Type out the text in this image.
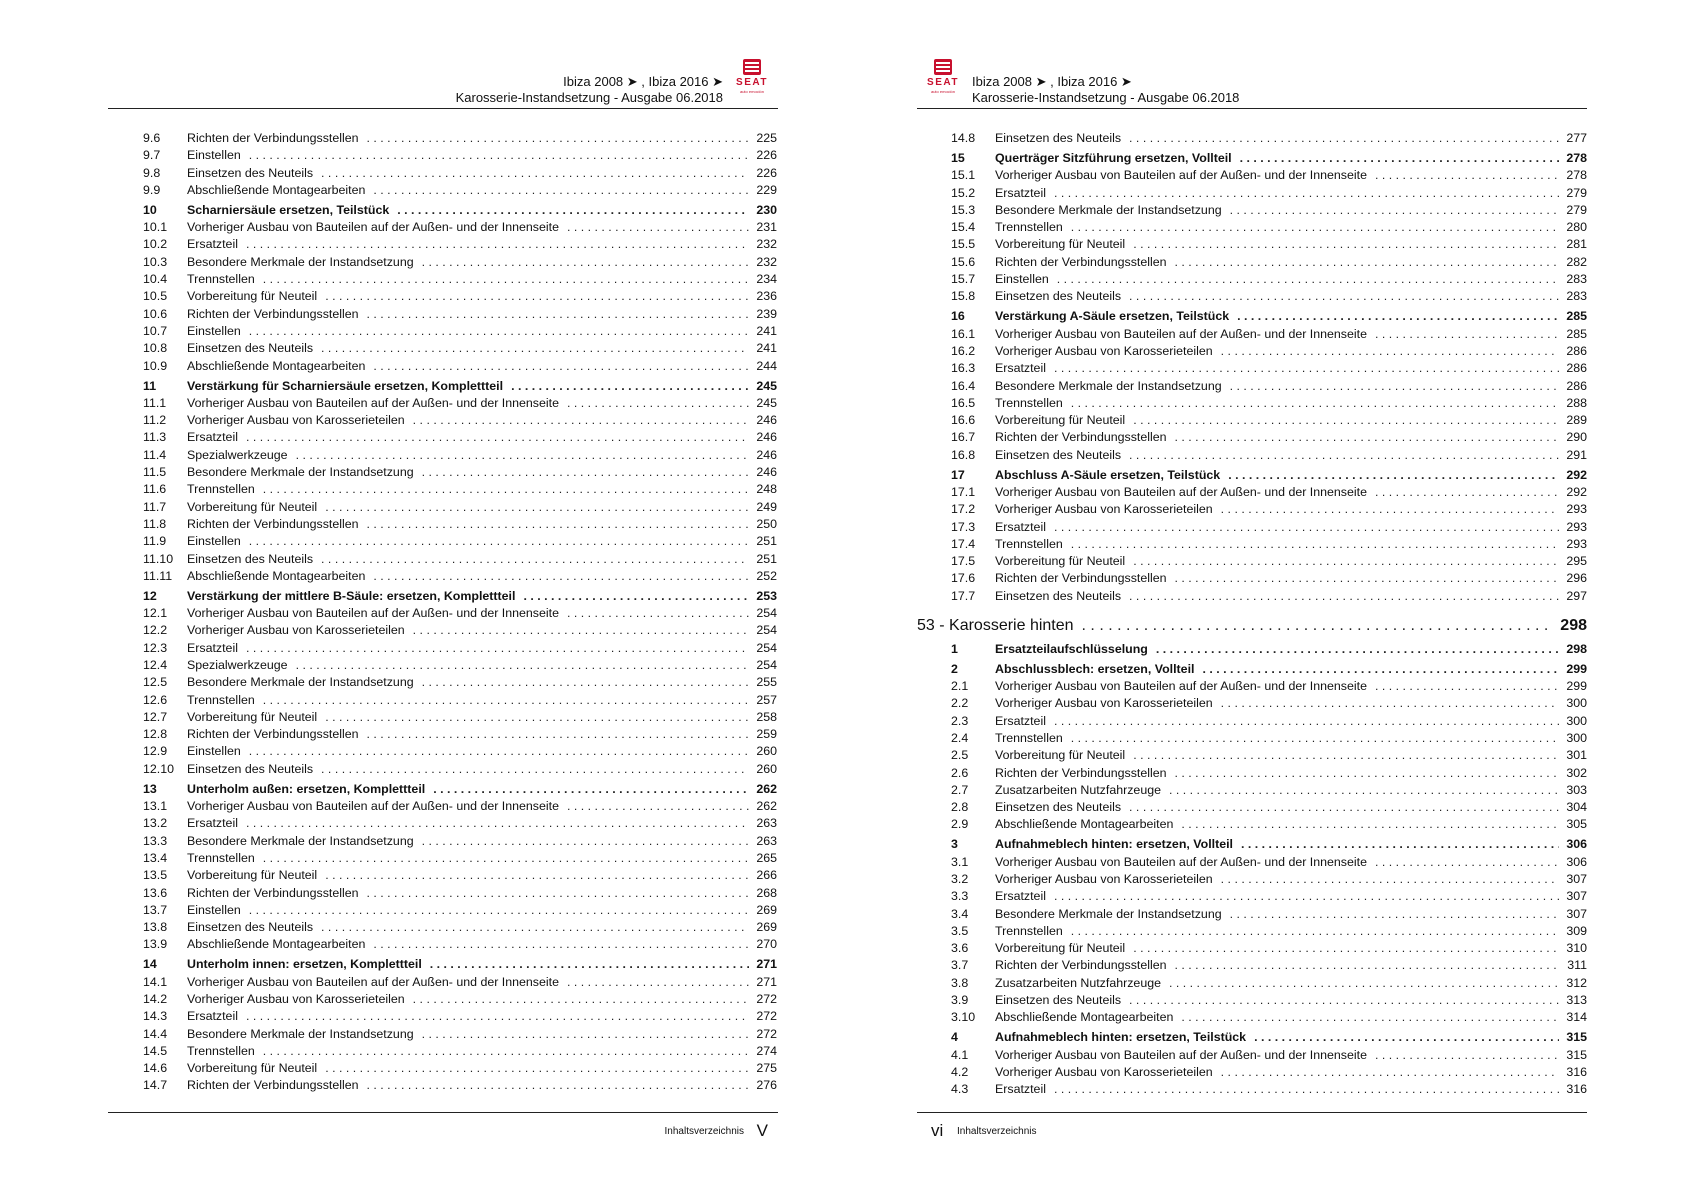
Ibiza 2008 ➤ , Ibiza 2016 ➤
Karosserie-Instandsetzung - Ausgabe 06.2018
SEAT
auto emoción
9.6	Richten der Verbindungsstellen . . .	225
9.7	Einstellen . . .	226
9.8	Einsetzen des Neuteils . . .	226
9.9	Abschließende Montagearbeiten . . .	229
10	Scharniersäule ersetzen, Teilstück . . .	230
10.1	Vorheriger Ausbau von Bauteilen auf der Außen- und der Innenseite . . .	231
10.2	Ersatzteil . . .	232
10.3	Besondere Merkmale der Instandsetzung . . .	232
10.4	Trennstellen . . .	234
10.5	Vorbereitung für Neuteil . . .	236
10.6	Richten der Verbindungsstellen . . .	239
10.7	Einstellen . . .	241
10.8	Einsetzen des Neuteils . . .	241
10.9	Abschließende Montagearbeiten . . .	244
11	Verstärkung für Scharniersäule ersetzen, Komplettteil . . .	245
11.1	Vorheriger Ausbau von Bauteilen auf der Außen- und der Innenseite . . .	245
11.2	Vorheriger Ausbau von Karosserieteilen . . .	246
11.3	Ersatzteil . . .	246
11.4	Spezialwerkzeuge . . .	246
11.5	Besondere Merkmale der Instandsetzung . . .	246
11.6	Trennstellen . . .	248
11.7	Vorbereitung für Neuteil . . .	249
11.8	Richten der Verbindungsstellen . . .	250
11.9	Einstellen . . .	251
11.10	Einsetzen des Neuteils . . .	251
11.11	Abschließende Montagearbeiten . . .	252
12	Verstärkung der mittlere B-Säule: ersetzen, Komplettteil . . .	253
12.1	Vorheriger Ausbau von Bauteilen auf der Außen- und der Innenseite . . .	254
12.2	Vorheriger Ausbau von Karosserieteilen . . .	254
12.3	Ersatzteil . . .	254
12.4	Spezialwerkzeuge . . .	254
12.5	Besondere Merkmale der Instandsetzung . . .	255
12.6	Trennstellen . . .	257
12.7	Vorbereitung für Neuteil . . .	258
12.8	Richten der Verbindungsstellen . . .	259
12.9	Einstellen . . .	260
12.10	Einsetzen des Neuteils . . .	260
13	Unterholm außen: ersetzen, Komplettteil . . .	262
13.1	Vorheriger Ausbau von Bauteilen auf der Außen- und der Innenseite . . .	262
13.2	Ersatzteil . . .	263
13.3	Besondere Merkmale der Instandsetzung . . .	263
13.4	Trennstellen . . .	265
13.5	Vorbereitung für Neuteil . . .	266
13.6	Richten der Verbindungsstellen . . .	268
13.7	Einstellen . . .	269
13.8	Einsetzen des Neuteils . . .	269
13.9	Abschließende Montagearbeiten . . .	270
14	Unterholm innen: ersetzen, Komplettteil . . .	271
14.1	Vorheriger Ausbau von Bauteilen auf der Außen- und der Innenseite . . .	271
14.2	Vorheriger Ausbau von Karosserieteilen . . .	272
14.3	Ersatzteil . . .	272
14.4	Besondere Merkmale der Instandsetzung . . .	272
14.5	Trennstellen . . .	274
14.6	Vorbereitung für Neuteil . . .	275
14.7	Richten der Verbindungsstellen . . .	276
Inhaltsverzeichnis V
SEAT
auto emoción
Ibiza 2008 ➤ , Ibiza 2016 ➤
Karosserie-Instandsetzung - Ausgabe 06.2018
14.8	Einsetzen des Neuteils . . .	277
15	Querträger Sitzführung ersetzen, Vollteil . . .	278
15.1	Vorheriger Ausbau von Bauteilen auf der Außen- und der Innenseite . . .	278
15.2	Ersatzteil . . .	279
15.3	Besondere Merkmale der Instandsetzung . . .	279
15.4	Trennstellen . . .	280
15.5	Vorbereitung für Neuteil . . .	281
15.6	Richten der Verbindungsstellen . . .	282
15.7	Einstellen . . .	283
15.8	Einsetzen des Neuteils . . .	283
16	Verstärkung A-Säule ersetzen, Teilstück . . .	285
16.1	Vorheriger Ausbau von Bauteilen auf der Außen- und der Innenseite . . .	285
16.2	Vorheriger Ausbau von Karosserieteilen . . .	286
16.3	Ersatzteil . . .	286
16.4	Besondere Merkmale der Instandsetzung . . .	286
16.5	Trennstellen . . .	288
16.6	Vorbereitung für Neuteil . . .	289
16.7	Richten der Verbindungsstellen . . .	290
16.8	Einsetzen des Neuteils . . .	291
17	Abschluss A-Säule ersetzen, Teilstück . . .	292
17.1	Vorheriger Ausbau von Bauteilen auf der Außen- und der Innenseite . . .	292
17.2	Vorheriger Ausbau von Karosserieteilen . . .	293
17.3	Ersatzteil . . .	293
17.4	Trennstellen . . .	293
17.5	Vorbereitung für Neuteil . . .	295
17.6	Richten der Verbindungsstellen . . .	296
17.7	Einsetzen des Neuteils . . .	297
53 - Karosserie hinten . . .	298
1	Ersatzteilaufschlüsselung . . .	298
2	Abschlussblech: ersetzen, Vollteil . . .	299
2.1	Vorheriger Ausbau von Bauteilen auf der Außen- und der Innenseite . . .	299
2.2	Vorheriger Ausbau von Karosserieteilen . . .	300
2.3	Ersatzteil . . .	300
2.4	Trennstellen . . .	300
2.5	Vorbereitung für Neuteil . . .	301
2.6	Richten der Verbindungsstellen . . .	302
2.7	Zusatzarbeiten Nutzfahrzeuge . . .	303
2.8	Einsetzen des Neuteils . . .	304
2.9	Abschließende Montagearbeiten . . .	305
3	Aufnahmeblech hinten: ersetzen, Vollteil . . .	306
3.1	Vorheriger Ausbau von Bauteilen auf der Außen- und der Innenseite . . .	306
3.2	Vorheriger Ausbau von Karosserieteilen . . .	307
3.3	Ersatzteil . . .	307
3.4	Besondere Merkmale der Instandsetzung . . .	307
3.5	Trennstellen . . .	309
3.6	Vorbereitung für Neuteil . . .	310
3.7	Richten der Verbindungsstellen . . .	311
3.8	Zusatzarbeiten Nutzfahrzeuge . . .	312
3.9	Einsetzen des Neuteils . . .	313
3.10	Abschließende Montagearbeiten . . .	314
4	Aufnahmeblech hinten: ersetzen, Teilstück . . .	315
4.1	Vorheriger Ausbau von Bauteilen auf der Außen- und der Innenseite . . .	315
4.2	Vorheriger Ausbau von Karosserieteilen . . .	316
4.3	Ersatzteil . . .	316
vi Inhaltsverzeichnis
